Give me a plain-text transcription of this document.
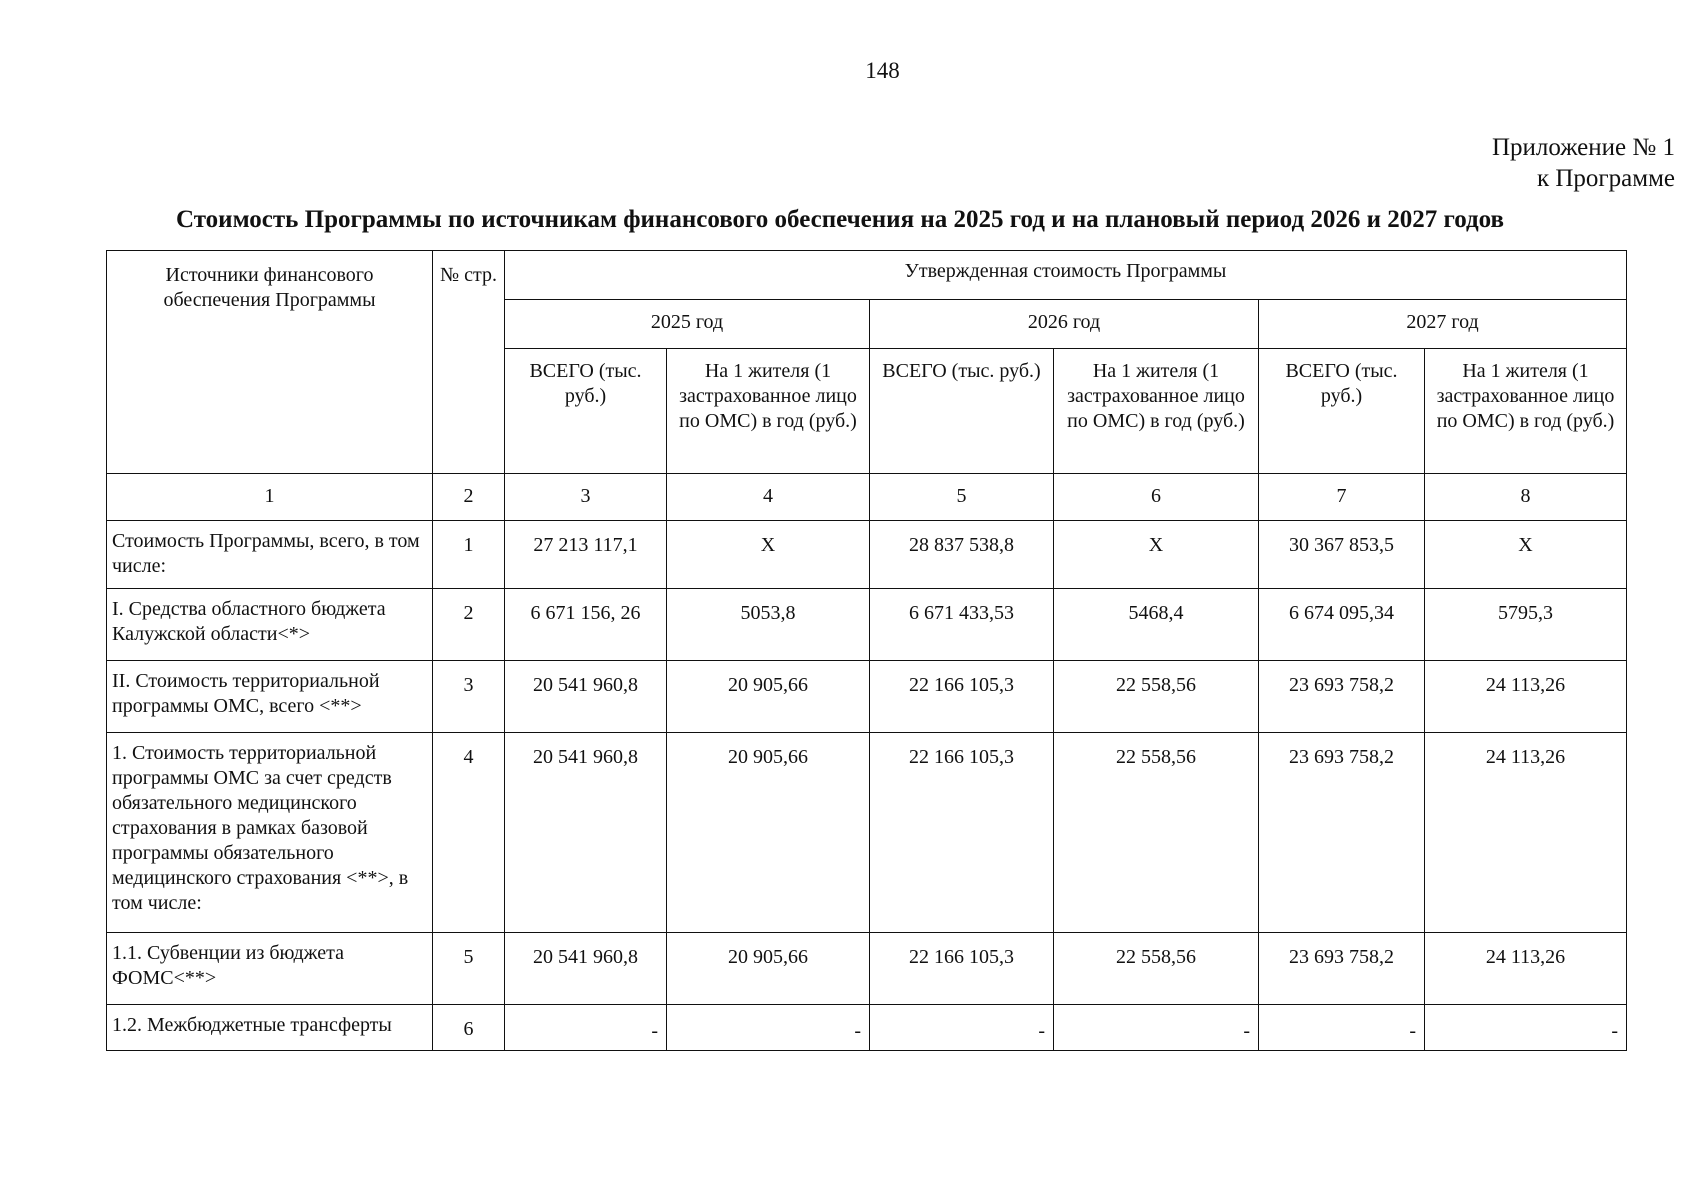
148
Приложение № 1
к Программе
Стоимость Программы по источникам финансового обеспечения на 2025 год и на плановый период 2026 и 2027 годов
Источники финансового обеспечения Программы	№ стр.	Утвержденная стоимость Программы					
		2025 год		2026 год		2027 год	
		ВСЕГО (тыс. руб.)	На 1 жителя (1 застрахованное лицо по ОМС) в год (руб.)	ВСЕГО (тыс. руб.)	На 1 жителя (1 застрахованное лицо по ОМС) в год (руб.)	ВСЕГО (тыс. руб.)	На 1 жителя (1 застрахованное лицо по ОМС) в год (руб.)
1	2	3	4	5	6	7	8
Стоимость Программы, всего, в том числе:	1	27 213 117,1	Х	28 837 538,8	Х	30 367 853,5	Х
I. Средства областного бюджета Калужской области<*>	2	6 671 156, 26	5053,8	6 671 433,53	5468,4	6 674 095,34	5795,3
II. Стоимость территориальной программы ОМС, всего <**>	3	20 541 960,8	20 905,66	22 166 105,3	22 558,56	23 693 758,2	24 113,26
1. Стоимость территориальной программы ОМС за счет средств обязательного медицинского страхования в рамках базовой программы обязательного медицинского страхования <**>, в том числе:	4	20 541 960,8	20 905,66	22 166 105,3	22 558,56	23 693 758,2	24 113,26
1.1. Субвенции из бюджета ФОМС<**>	5	20 541 960,8	20 905,66	22 166 105,3	22 558,56	23 693 758,2	24 113,26
1.2. Межбюджетные трансферты	6	-	-	-	-	-	-
